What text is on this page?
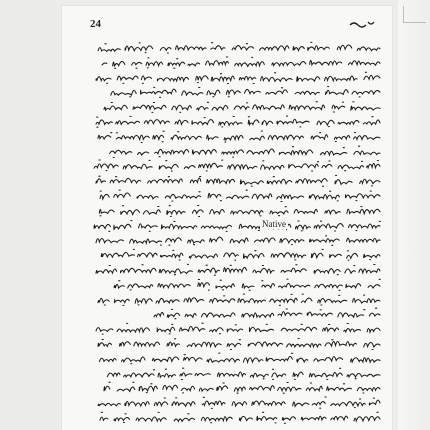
24
Native
